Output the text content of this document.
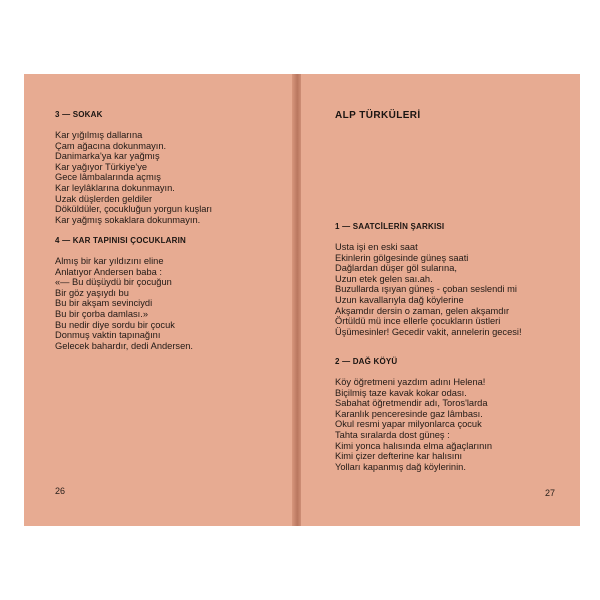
3 — SOKAK
Kar yığılmış dallarına
Çam ağacına dokunmayın.
Danimarka'ya kar yağmış
Kar yağıyor Türkiye'ye
Gece lâmbalarında açmış
Kar leylâklarına dokunmayın.
Uzak düşlerden geldiler
Döküldüler, çocukluğun yorgun kuşları
Kar yağmış sokaklara dokunmayın.
4 — KAR TAPINISI ÇOCUKLARIN
Almış bir kar yıldızını eline
Anlatıyor Andersen baba :
«— Bu düşüydü bir çocuğun
Bir göz yaşıydı bu
Bu bir akşam sevinciydi
Bu bir çorba damlası.»
Bu nedir diye sordu bir çocuk
Donmuş vaktin tapınağını
Gelecek bahardır, dedi Andersen.
26
ALP TÜRKÜLERİ
1 — SAATCİLERİN ŞARKISI
Usta işi en eski saat
Ekinlerin gölgesinde güneş saati
Dağlardan düşer göl sularına,
Uzun etek gelen saı.ah.
Buzullarda ışıyan güneş - çoban seslendi mi
Uzun kavallarıyla dağ köylerine
Akşamdır dersin o zaman, gelen akşamdır
Örtüldü mü ince ellerle çocukların üstleri
Üşümesinler! Gecedir vakit, annelerin gecesi!
2 — DAĞ KÖYÜ
Köy öğretmeni yazdım adını Helena!
Biçilmiş taze kavak kokar odası.
Sabahat öğretmendir adı, Toros'larda
Karanlık penceresinde gaz lâmbası.
Okul resmi yapar milyonlarca çocuk
Tahta sıralarda dost güneş :
Kimi yonca halısında elma ağaçlarının
Kimi çizer defterine kar halısını
Yolları kapanmış dağ köylerinin.
27
